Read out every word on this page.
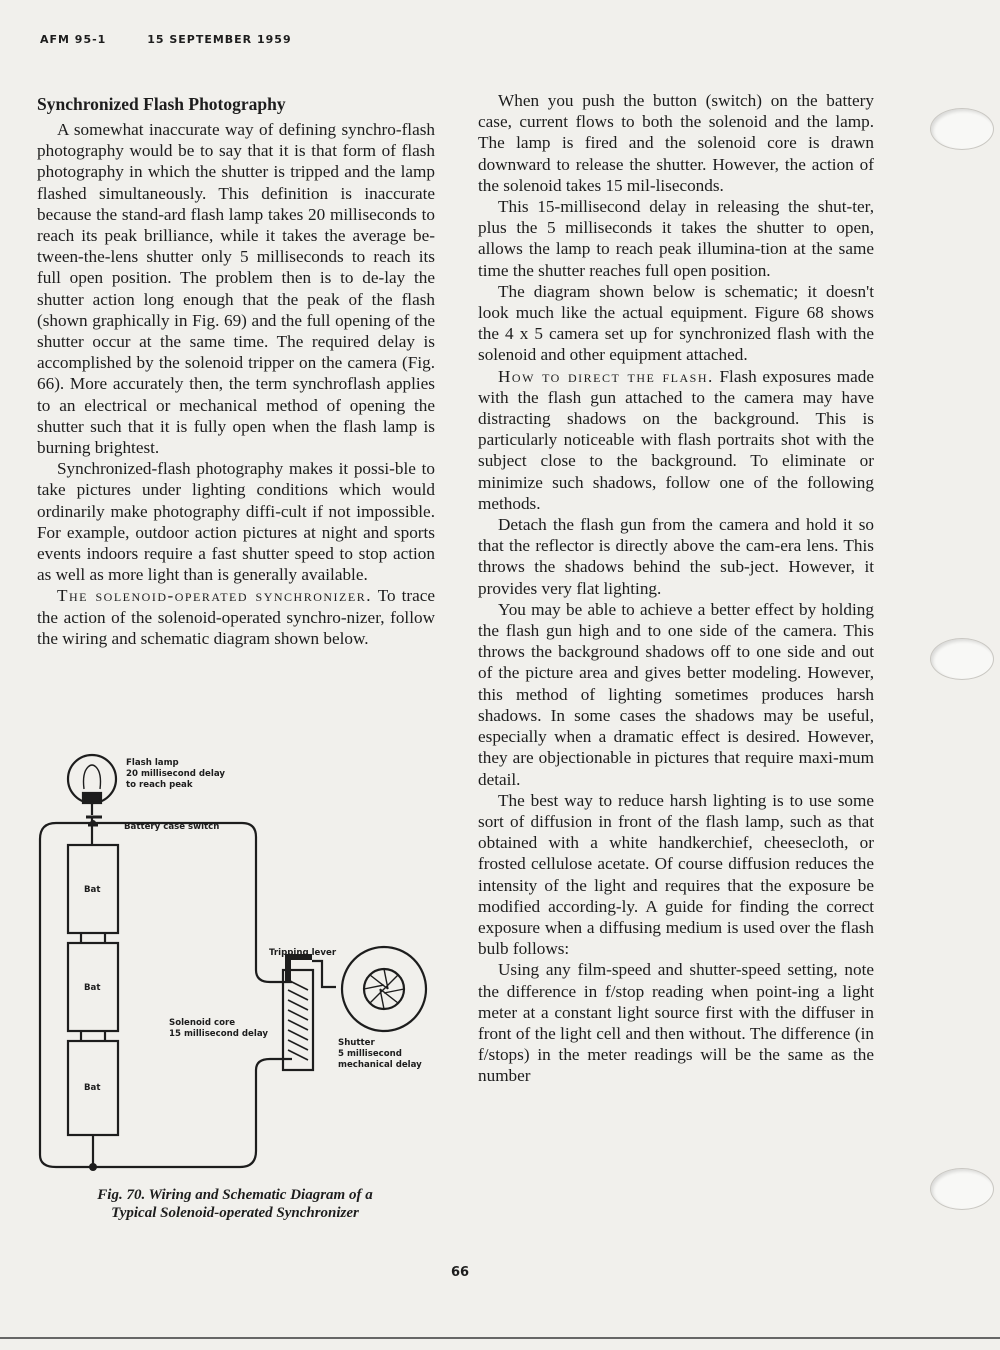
AFM 95-1	15 SEPTEMBER 1959
Synchronized Flash Photography

A somewhat inaccurate way of defining synchro-flash photography would be to say that it is that form of flash photography in which the shutter is tripped and the lamp flashed simultaneously. This definition is inaccurate because the stand-ard flash lamp takes 20 milliseconds to reach its peak brilliance, while it takes the average be-tween-the-lens shutter only 5 milliseconds to reach its full open position. The problem then is to de-lay the shutter action long enough that the peak of the flash (shown graphically in Fig. 69) and the full opening of the shutter occur at the same time. The required delay is accomplished by the solenoid tripper on the camera (Fig. 66). More accurately then, the term synchroflash applies to an electrical or mechanical method of opening the shutter such that it is fully open when the flash lamp is burning brightest.

Synchronized-flash photography makes it possi-ble to take pictures under lighting conditions which would ordinarily make photography diffi-cult if not impossible. For example, outdoor action pictures at night and sports events indoors require a fast shutter speed to stop action as well as more light than is generally available.

The solenoid-operated synchronizer. To trace the action of the solenoid-operated synchro-nizer, follow the wiring and schematic diagram shown below.

Flash lamp
20 millisecond delay
to reach peak
Battery case switch
Bat
Bat
Bat
Tripping lever
Solenoid core
15 millisecond delay
Shutter
5 millisecond
mechanical delay
Fig. 70. Wiring and Schematic Diagram of a
Typical Solenoid-operated Synchronizer

When you push the button (switch) on the battery case, current flows to both the solenoid and the lamp. The lamp is fired and the solenoid core is drawn downward to release the shutter. However, the action of the solenoid takes 15 mil-liseconds.

This 15-millisecond delay in releasing the shut-ter, plus the 5 milliseconds it takes the shutter to open, allows the lamp to reach peak illumina-tion at the same time the shutter reaches full open position.

The diagram shown below is schematic; it doesn't look much like the actual equipment. Figure 68 shows the 4 x 5 camera set up for synchronized flash with the solenoid and other equipment attached.

How to direct the flash. Flash exposures made with the flash gun attached to the camera may have distracting shadows on the background. This is particularly noticeable with flash portraits shot with the subject close to the background. To eliminate or minimize such shadows, follow one of the following methods.

Detach the flash gun from the camera and hold it so that the reflector is directly above the cam-era lens. This throws the shadows behind the sub-ject. However, it provides very flat lighting.

You may be able to achieve a better effect by holding the flash gun high and to one side of the camera. This throws the background shadows off to one side and out of the picture area and gives better modeling. However, this method of lighting sometimes produces harsh shadows. In some cases the shadows may be useful, especially when a dramatic effect is desired. However, they are objectionable in pictures that require maxi-mum detail.

The best way to reduce harsh lighting is to use some sort of diffusion in front of the flash lamp, such as that obtained with a white handkerchief, cheesecloth, or frosted cellulose acetate. Of course diffusion reduces the intensity of the light and requires that the exposure be modified according-ly. A guide for finding the correct exposure when a diffusing medium is used over the flash bulb follows:

Using any film-speed and shutter-speed setting, note the difference in f/stop reading when point-ing a light meter at a constant light source first with the diffuser in front of the light cell and then without. The difference (in f/stops) in the meter readings will be the same as the number

66
